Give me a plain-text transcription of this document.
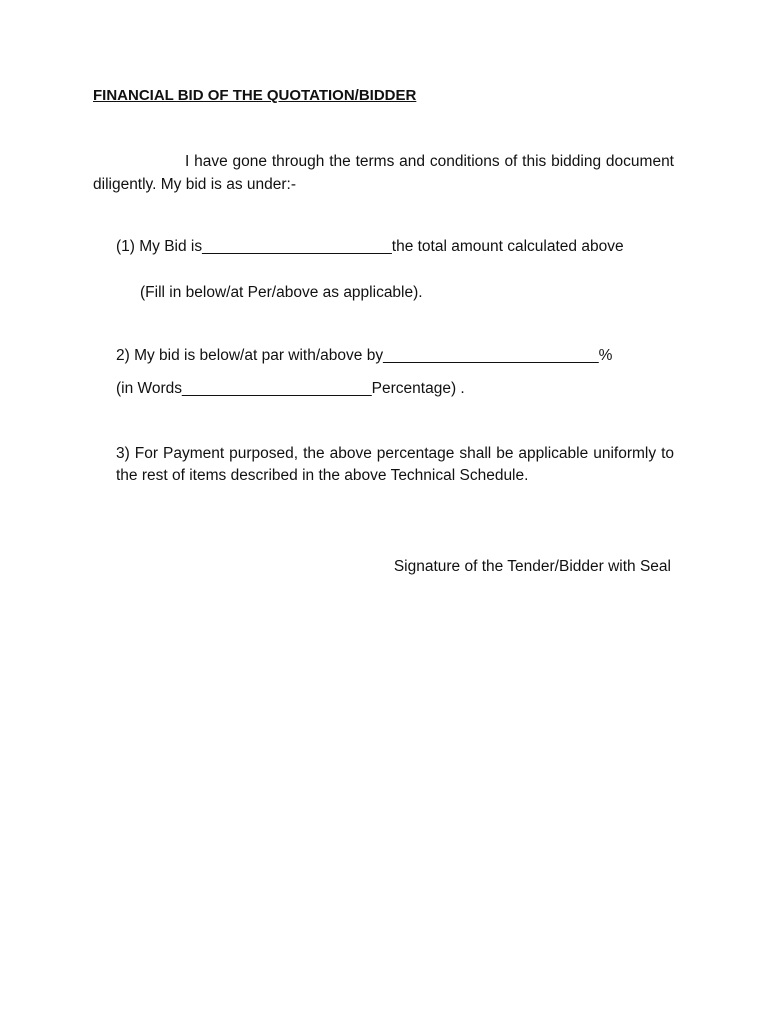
FINANCIAL BID OF THE QUOTATION/BIDDER
I have gone through the terms and conditions of this bidding document diligently. My bid is as under:-
(1) My Bid is______________________the total amount calculated above
(Fill in below/at Per/above as applicable).
2) My bid is below/at par with/above by_________________________%
(in Words______________________Percentage) .
3) For Payment purposed, the above percentage shall be applicable uniformly to the rest of items described in the above Technical Schedule.
Signature of the Tender/Bidder with Seal
